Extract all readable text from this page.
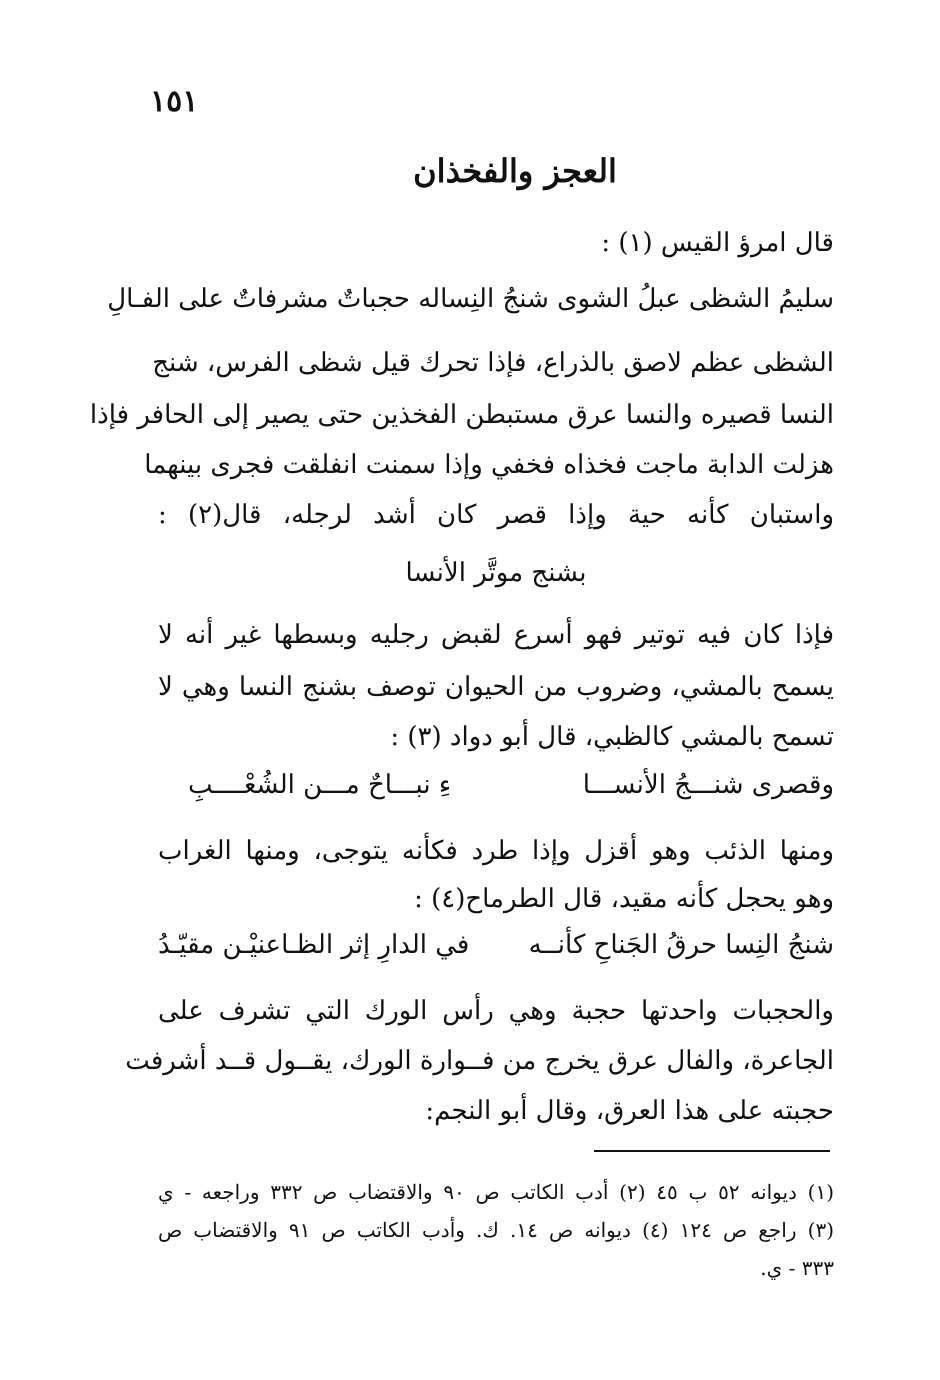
١٥١
العجز والفخذان
قال امرؤ القيس (١) :
سليمُ الشظى عبلُ الشوى شنجُ النِسا
له حجباتٌ مشرفاتٌ على الفـالِ
الشظى عظم لاصق بالذراع، فإذا تحرك قيل شظى الفرس، شنج
النسا قصيره والنسا عرق مستبطن الفخذين حتى يصير إلى الحافر فإذا
هزلت الدابة ماجت فخذاه فخفي وإذا سمنت انفلقت فجرى بينهما
واستبان كأنه حية وإذا قصر كان أشد لرجله، قال(٢) :
بشنج موتَّر الأنسا
فإذا كان فيه توتير فهو أسرع لقبض رجليه وبسطها غير أنه لا
يسمح بالمشي، وضروب من الحيوان توصف بشنج النسا وهي لا
تسمح بالمشي كالظبي، قال أبو دواد (٣) :
وقصرى شنـــجُ الأنســـا
ءِ نبـــاحٌ مـــن الشُعْــــبِ
ومنها الذئب وهو أقزل وإذا طرد فكأنه يتوجى، ومنها الغراب
وهو يحجل كأنه مقيد، قال الطرماح(٤) :
شنجُ النِسا حرقُ الجَناحِ كأنــه
في الدارِ إثر الظـاعنيْـن مقيّـدُ
والحجبات واحدتها حجبة وهي رأس الورك التي تشرف على
الجاعرة، والفال عرق يخرج من فــوارة الورك، يقــول قــد أشرفت
حجبته على هذا العرق، وقال أبو النجم:
(١) ديوانه ٥٢ ب ٤٥ (٢) أدب الكاتب ص ٩٠ والاقتضاب ص ٣٣٢ وراجعه - ي
(٣) راجع ص ١٢٤ (٤) ديوانه ص ١٤. ك. وأدب الكاتب ص ٩١ والاقتضاب ص
٣٣٣ - ي.
